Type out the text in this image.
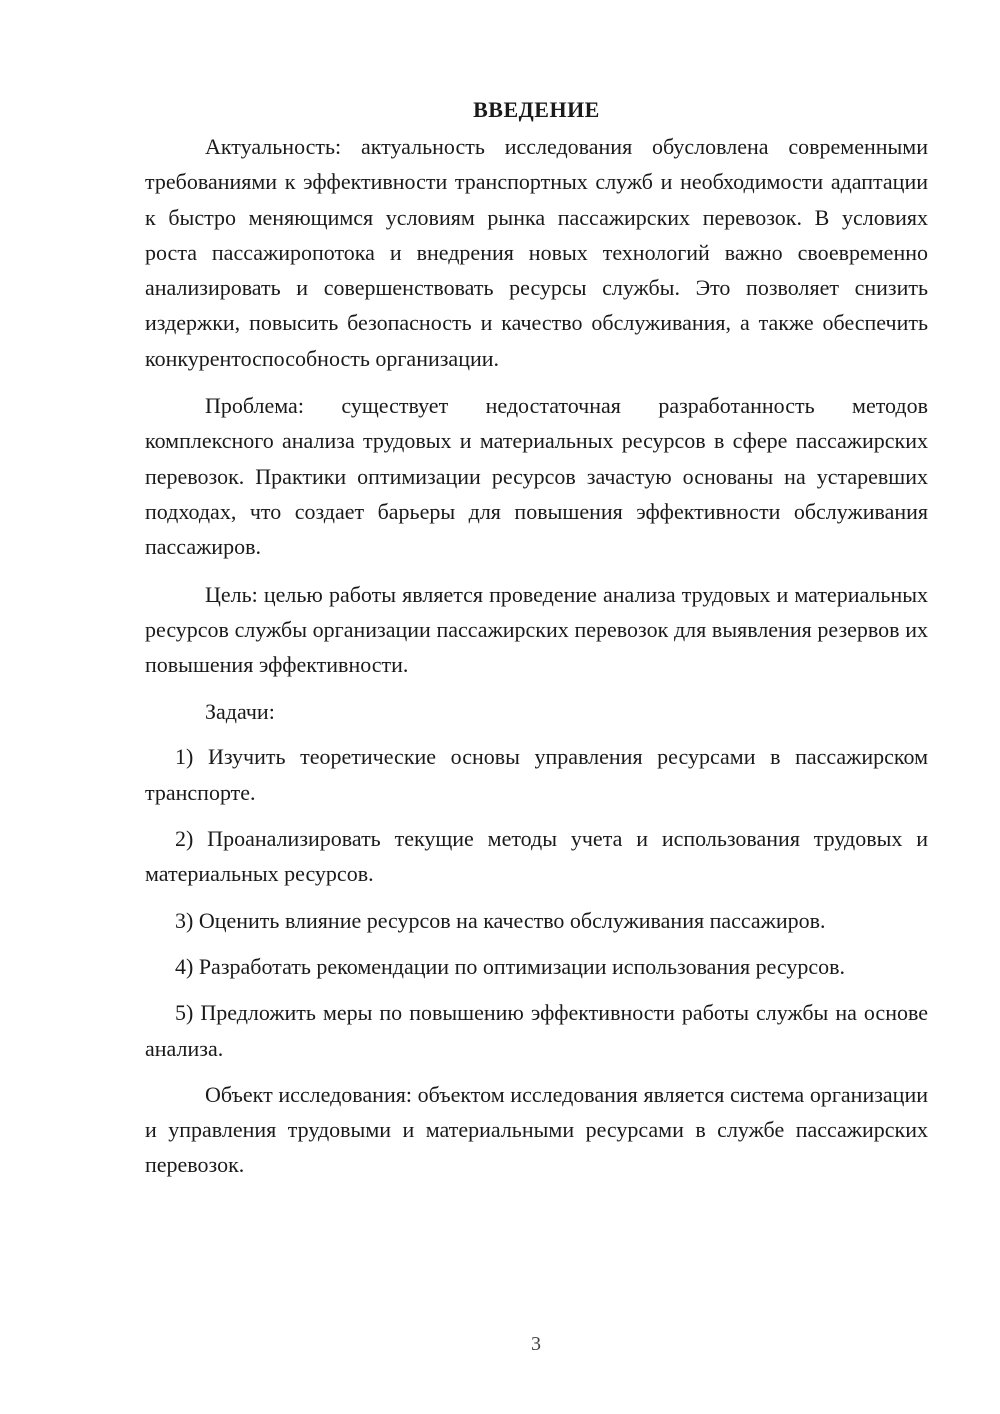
ВВЕДЕНИЕ

Актуальность: актуальность исследования обусловлена современными требованиями к эффективности транспортных служб и необходимости адаптации к быстро меняющимся условиям рынка пассажирских перевозок. В условиях роста пассажиропотока и внедрения новых технологий важно своевременно анализировать и совершенствовать ресурсы службы. Это позволяет снизить издержки, повысить безопасность и качество обслуживания, а также обеспечить конкурентоспособность организации.

Проблема: существует недостаточная разработанность методов комплексного анализа трудовых и материальных ресурсов в сфере пассажирских перевозок. Практики оптимизации ресурсов зачастую основаны на устаревших подходах, что создает барьеры для повышения эффективности обслуживания пассажиров.

Цель: целью работы является проведение анализа трудовых и материальных ресурсов службы организации пассажирских перевозок для выявления резервов их повышения эффективности.

Задачи:

1) Изучить теоретические основы управления ресурсами в пассажирском транспорте.

2) Проанализировать текущие методы учета и использования трудовых и материальных ресурсов.

3) Оценить влияние ресурсов на качество обслуживания пассажиров.

4) Разработать рекомендации по оптимизации использования ресурсов.

5) Предложить меры по повышению эффективности работы службы на основе анализа.

Объект исследования: объектом исследования является система организации и управления трудовыми и материальными ресурсами в службе пассажирских перевозок.

3
